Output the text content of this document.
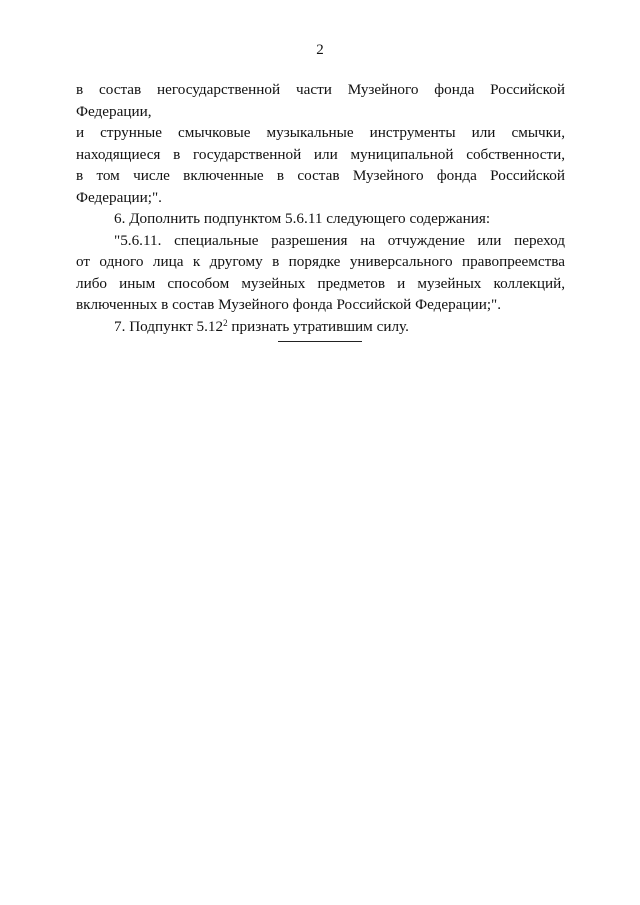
2
в состав негосударственной части Музейного фонда Российской Федерации,
и струнные смычковые музыкальные инструменты или смычки,
находящиеся в государственной или муниципальной собственности,
в том числе включенные в состав Музейного фонда Российской
Федерации;".
6. Дополнить подпунктом 5.6.11 следующего содержания:
"5.6.11. специальные разрешения на отчуждение или переход
от одного лица к другому в порядке универсального правопреемства
либо иным способом музейных предметов и музейных коллекций,
включенных в состав Музейного фонда Российской Федерации;".
7. Подпункт 5.12$^2$ признать утратившим силу.
